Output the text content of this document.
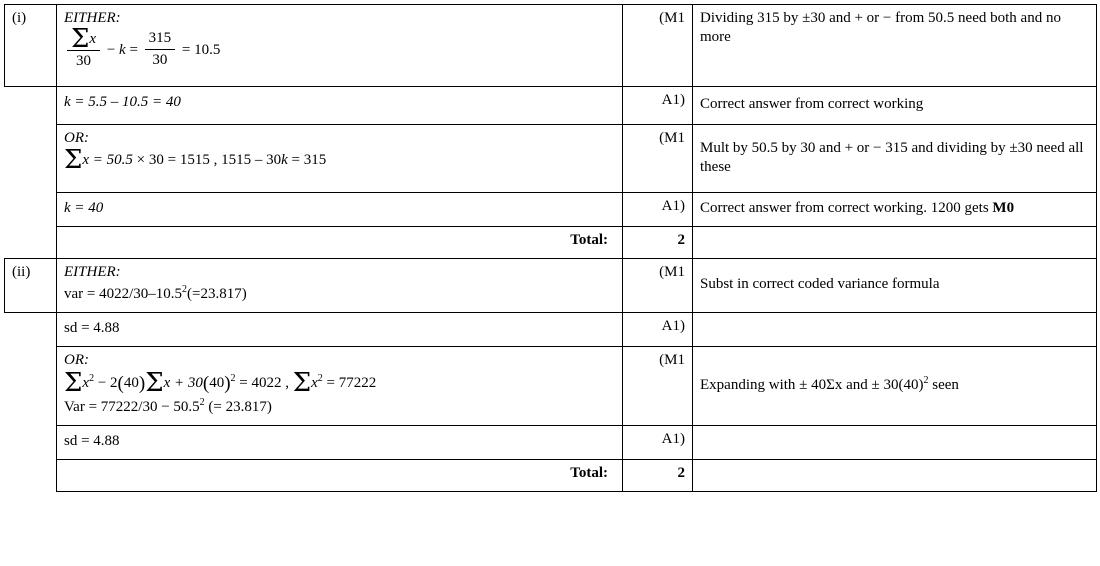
(i)	EITHER:
$\frac{\Sigma x}{30} - k = \frac{315}{30} = 10.5$
	(M1	Dividing 315 by ±30 and + or − from 50.5 need both and no more

	k = 5.5 – 10.5 = 40	A1)	Correct answer from correct working

	OR:
Σx = 50.5 × 30 = 1515 , 1515 – 30k = 315	(M1	Mult by 50.5 by 30 and + or − 315 and dividing by ±30 need all these

	k = 40	A1)	Correct answer from correct working. 1200 gets M0
	Total:	2	
(ii)	EITHER:
var = $4022/30-10.5^2(=23.817)$	(M1	Subst in correct coded variance formula

	sd = 4.88	A1)	

	OR:
$\Sigma x^2 - 2(40)\Sigma x + 30(40)^2 = 4022$ , $\Sigma x^2 = 77222$
Var = $77222/30 - 50.5^2$ (= 23.817)	(M1	Expanding with ± 40Σx and ± $30(40)^2$ seen

	sd = 4.88	A1)	
	Total:	2	
